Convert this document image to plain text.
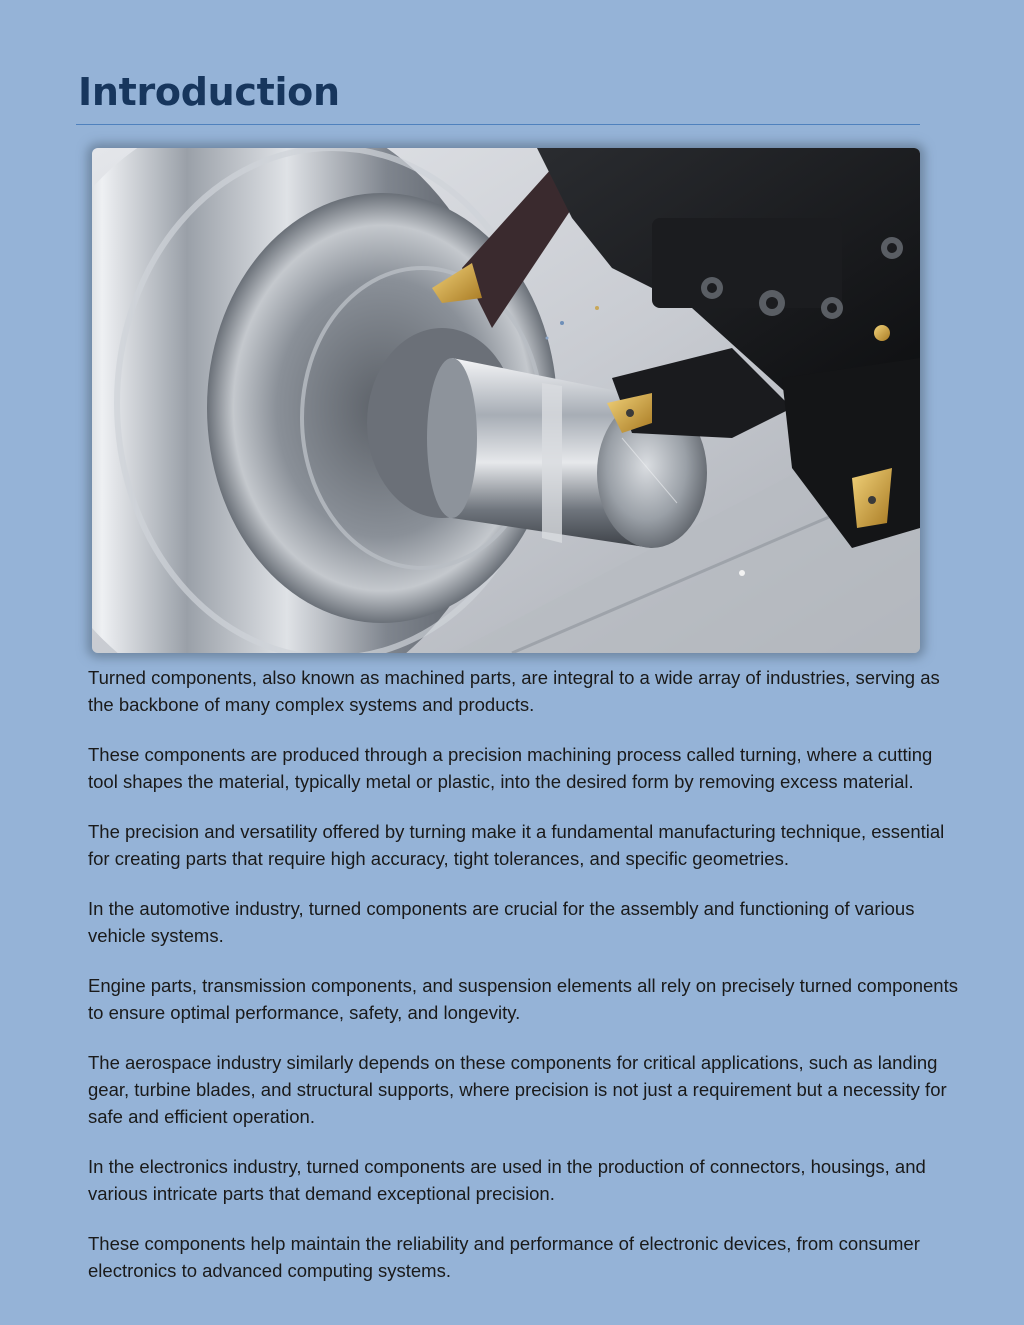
Introduction

Turned components, also known as machined parts, are integral to a wide array of industries, serving as the backbone of many complex systems and products.

These components are produced through a precision machining process called turning, where a cutting tool shapes the material, typically metal or plastic, into the desired form by removing excess material.

The precision and versatility offered by turning make it a fundamental manufacturing technique, essential for creating parts that require high accuracy, tight tolerances, and specific geometries.

In the automotive industry, turned components are crucial for the assembly and functioning of various vehicle systems.

Engine parts, transmission components, and suspension elements all rely on precisely turned components to ensure optimal performance, safety, and longevity.

The aerospace industry similarly depends on these components for critical applications, such as landing gear, turbine blades, and structural supports, where precision is not just a requirement but a necessity for safe and efficient operation.

In the electronics industry, turned components are used in the production of connectors, housings, and various intricate parts that demand exceptional precision.

These components help maintain the reliability and performance of electronic devices, from consumer electronics to advanced computing systems.
